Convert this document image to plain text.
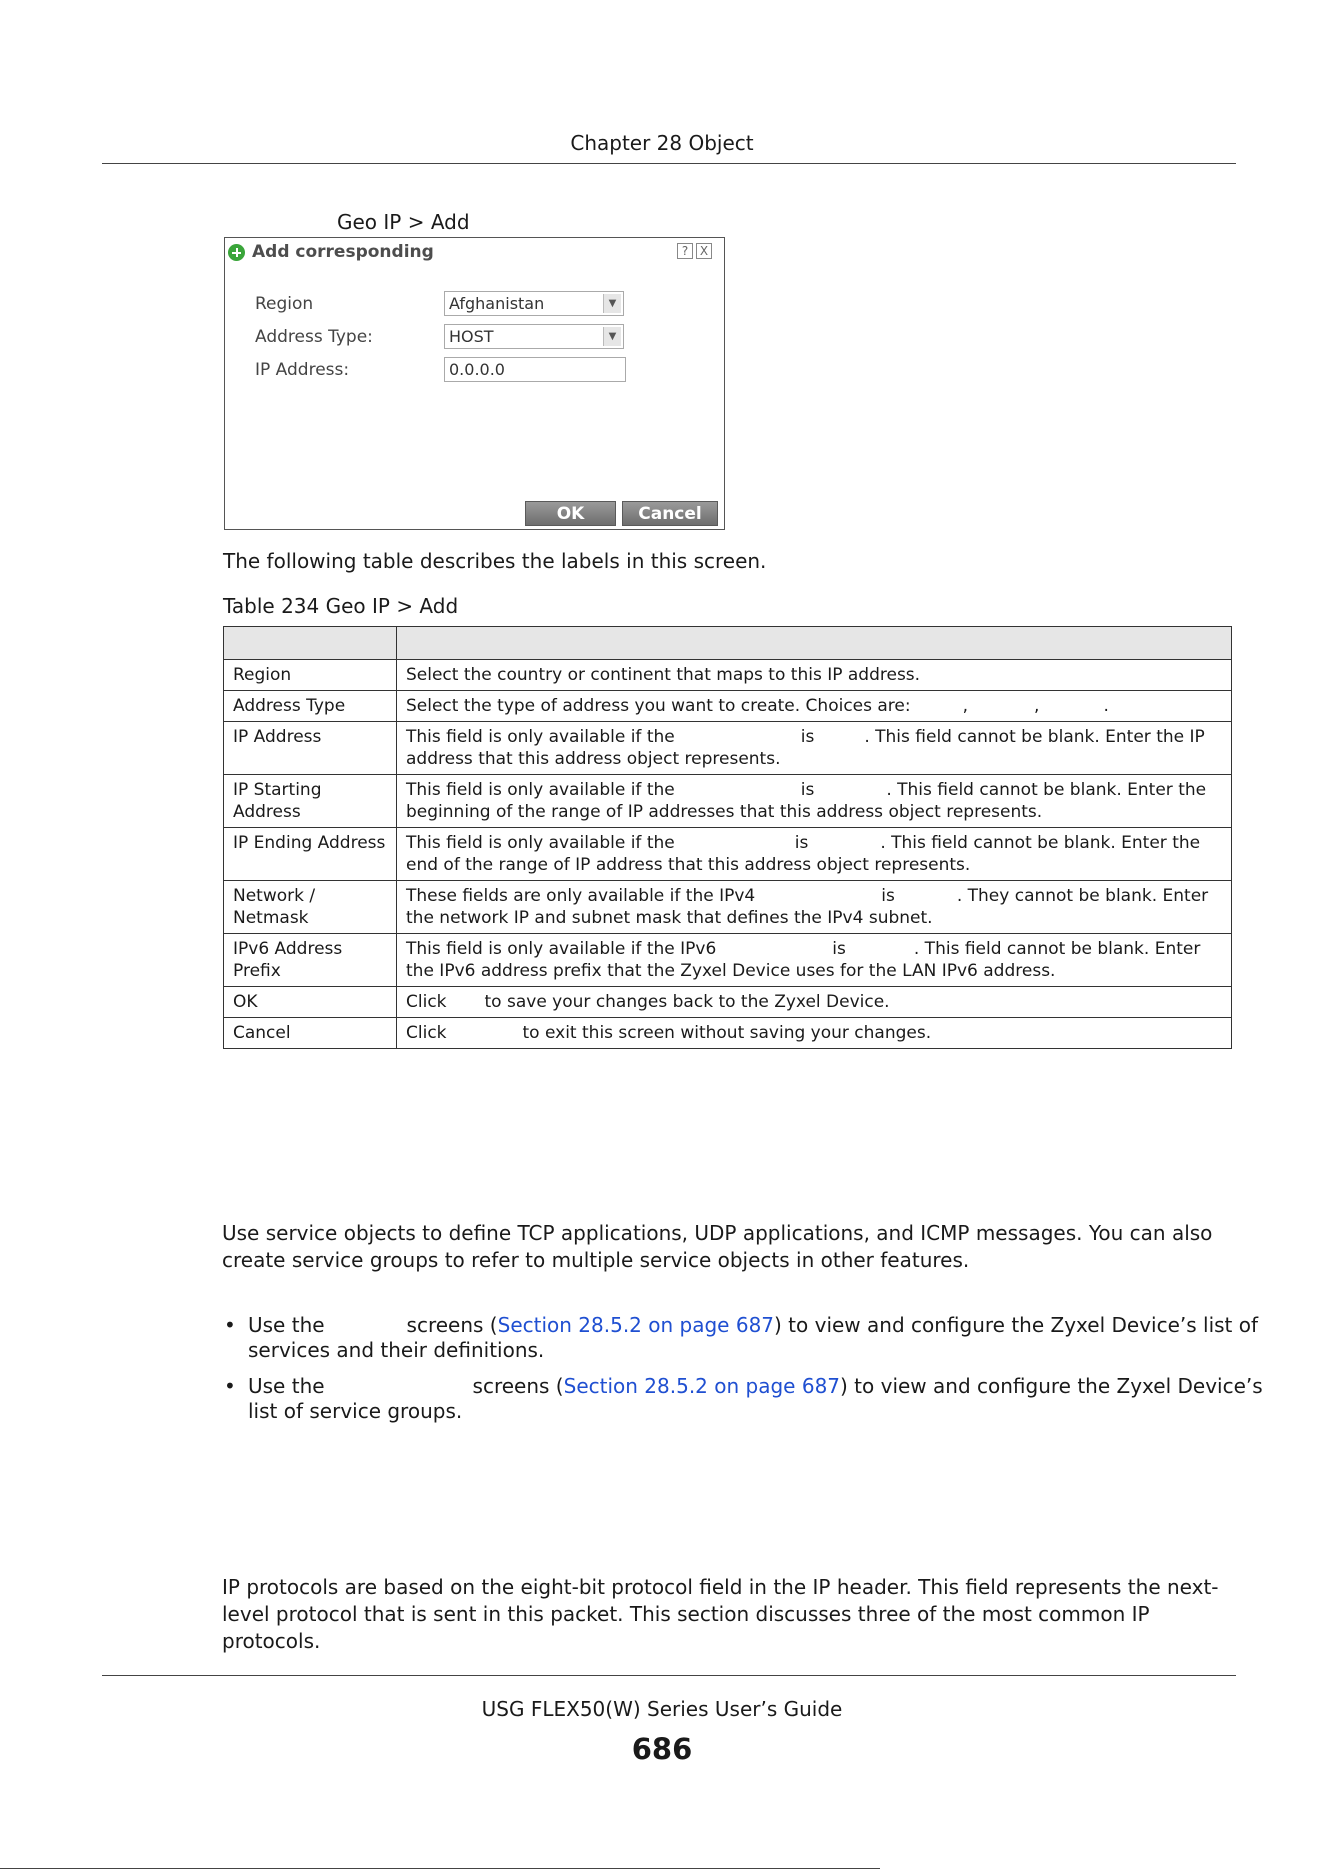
Chapter 28 Object
Geo IP > Add
Add corresponding	? X
Region	Afghanistan	▼
Address Type:	HOST	▼
IP Address:	0.0.0.0
OK	Cancel
The following table describes the labels in this screen.
Table 234 Geo IP > Add

Region	Select the country or continent that maps to this IP address.
Address Type	Select the type of address you want to create. Choices are: , , .
IP Address	This field is only available if the is . This field cannot be blank. Enter the IP address that this address object represents.
IP Starting Address	This field is only available if the is . This field cannot be blank. Enter the beginning of the range of IP addresses that this address object represents.
IP Ending Address	This field is only available if the is . This field cannot be blank. Enter the end of the range of IP address that this address object represents.
Network / Netmask	These fields are only available if the IPv4 is . They cannot be blank. Enter the network IP and subnet mask that defines the IPv4 subnet.
IPv6 Address Prefix	This field is only available if the IPv6 is . This field cannot be blank. Enter the IPv6 address prefix that the Zyxel Device uses for the LAN IPv6 address.
OK	Click to save your changes back to the Zyxel Device.
Cancel	Click to exit this screen without saving your changes.
Use service objects to define TCP applications, UDP applications, and ICMP messages. You can also create service groups to refer to multiple service objects in other features.
• Use the	screens (Section 28.5.2 on page 687) to view and configure the Zyxel Device’s list of services and their definitions.
• Use the	screens (Section 28.5.2 on page 687) to view and configure the Zyxel Device’s list of service groups.
IP protocols are based on the eight-bit protocol field in the IP header. This field represents the next-level protocol that is sent in this packet. This section discusses three of the most common IP protocols.
USG FLEX50(W) Series User’s Guide
686
